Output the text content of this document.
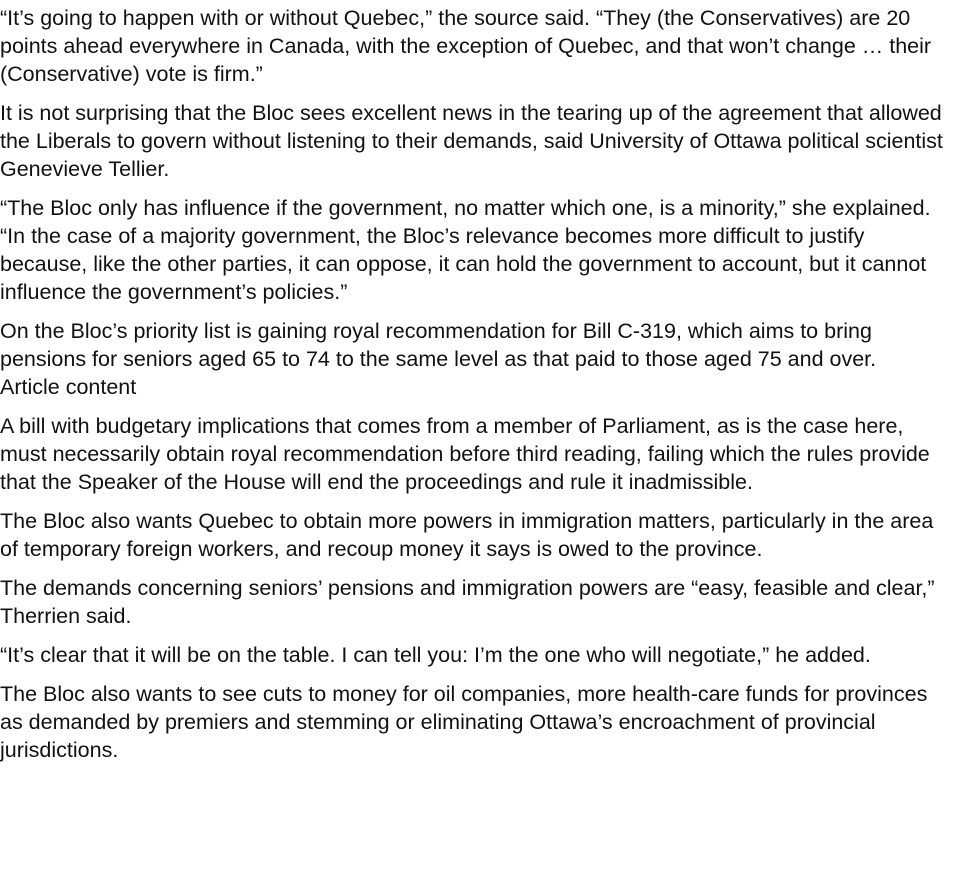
“It’s going to happen with or without Quebec,” the source said. “They (the Conservatives) are 20 points ahead everywhere in Canada, with the exception of Quebec, and that won’t change … their (Conservative) vote is firm.”

It is not surprising that the Bloc sees excellent news in the tearing up of the agreement that allowed the Liberals to govern without listening to their demands, said University of Ottawa political scientist Genevieve Tellier.

“The Bloc only has influence if the government, no matter which one, is a minority,” she explained. “In the case of a majority government, the Bloc’s relevance becomes more difficult to justify because, like the other parties, it can oppose, it can hold the government to account, but it cannot influence the government’s policies.”

On the Bloc’s priority list is gaining royal recommendation for Bill C-319, which aims to bring pensions for seniors aged 65 to 74 to the same level as that paid to those aged 75 and over.

Article content

A bill with budgetary implications that comes from a member of Parliament, as is the case here, must necessarily obtain royal recommendation before third reading, failing which the rules provide that the Speaker of the House will end the proceedings and rule it inadmissible.

The Bloc also wants Quebec to obtain more powers in immigration matters, particularly in the area of temporary foreign workers, and recoup money it says is owed to the province.

The demands concerning seniors’ pensions and immigration powers are “easy, feasible and clear,” Therrien said.

“It’s clear that it will be on the table. I can tell you: I’m the one who will negotiate,” he added.

The Bloc also wants to see cuts to money for oil companies, more health-care funds for provinces as demanded by premiers and stemming or eliminating Ottawa’s encroachment of provincial jurisdictions.
